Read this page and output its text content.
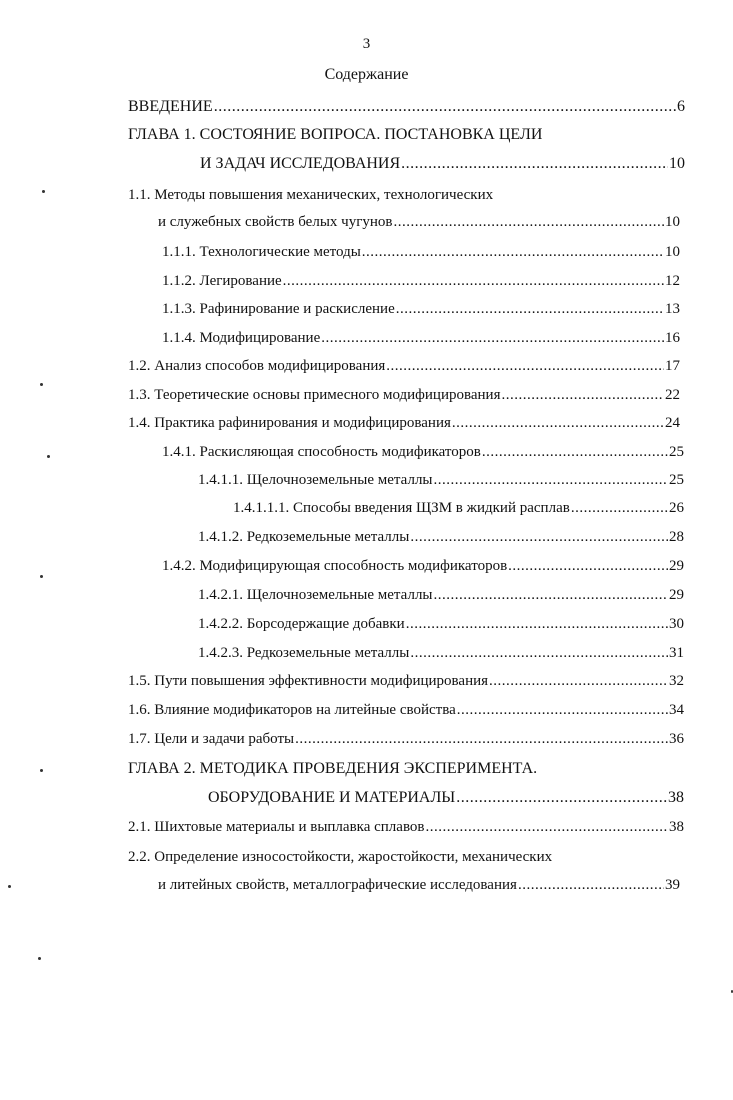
3
Содержание
ВВЕДЕНИЕ .....	6
ГЛАВА 1. СОСТОЯНИЕ ВОПРОСА. ПОСТАНОВКА ЦЕЛИ
И ЗАДАЧ ИССЛЕДОВАНИЯ .....	10
1.1. Методы повышения механических, технологических
и служебных свойств белых чугунов .....	10
1.1.1. Технологические методы .....	10
1.1.2. Легирование .....	12
1.1.3. Рафинирование и раскисление .....	13
1.1.4. Модифицирование .....	16
1.2. Анализ способов модифицирования .....	17
1.3. Теоретические основы примесного модифицирования .....	22
1.4. Практика рафинирования и модифицирования .....	24
1.4.1. Раскисляющая способность модификаторов .....	25
1.4.1.1. Щелочноземельные металлы .....	25
1.4.1.1.1. Способы введения ЩЗМ в жидкий расплав .....	26
1.4.1.2. Редкоземельные металлы .....	28
1.4.2. Модифицирующая способность модификаторов .....	29
1.4.2.1. Щелочноземельные металлы .....	29
1.4.2.2. Борсодержащие добавки .....	30
1.4.2.3. Редкоземельные металлы .....	31
1.5. Пути повышения эффективности модифицирования .....	32
1.6. Влияние модификаторов на литейные свойства .....	34
1.7. Цели и задачи работы .....	36
ГЛАВА 2. МЕТОДИКА ПРОВЕДЕНИЯ ЭКСПЕРИМЕНТА.
ОБОРУДОВАНИЕ И МАТЕРИАЛЫ .....	38
2.1. Шихтовые материалы и выплавка сплавов .....	38
2.2. Определение износостойкости, жаростойкости, механических
и литейных свойств, металлографические исследования .....	39
